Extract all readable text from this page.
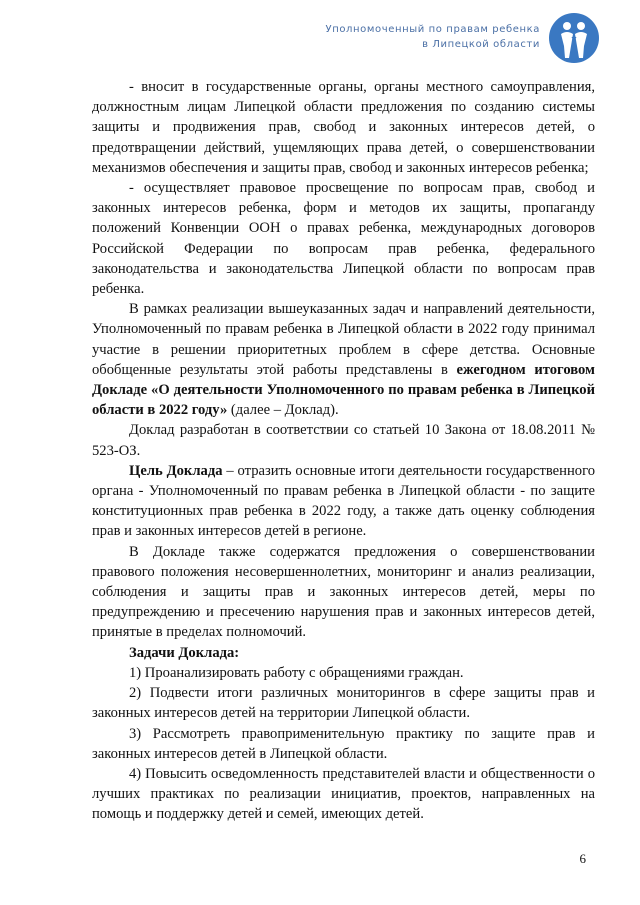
Уполномоченный по правам ребенка
в Липецкой области

- вносит в государственные органы, органы местного самоуправления, должностным лицам Липецкой области предложения по созданию системы защиты и продвижения прав, свобод и законных интересов детей, о предотвращении действий, ущемляющих права детей, о совершенствовании механизмов обеспечения и защиты прав, свобод и законных интересов ребенка;

- осуществляет правовое просвещение по вопросам прав, свобод и законных интересов ребенка, форм и методов их защиты, пропаганду положений Конвенции ООН о правах ребенка, международных договоров Российской Федерации по вопросам прав ребенка, федерального законодательства и законодательства Липецкой области по вопросам прав ребенка.

В рамках реализации вышеуказанных задач и направлений деятельности, Уполномоченный по правам ребенка в Липецкой области в 2022 году принимал участие в решении приоритетных проблем в сфере детства. Основные обобщенные результаты этой работы представлены в ежегодном итоговом Докладе «О деятельности Уполномоченного по правам ребенка в Липецкой области в 2022 году» (далее – Доклад).

Доклад разработан в соответствии со статьей 10 Закона от 18.08.2011 № 523-ОЗ.

Цель Доклада – отразить основные итоги деятельности государственного органа - Уполномоченный по правам ребенка в Липецкой области - по защите конституционных прав ребенка в 2022 году, а также дать оценку соблюдения прав и законных интересов детей в регионе.

В Докладе также содержатся предложения о совершенствовании правового положения несовершеннолетних, мониторинг и анализ реализации, соблюдения и защиты прав и законных интересов детей, меры по предупреждению и пресечению нарушения прав и законных интересов детей, принятые в пределах полномочий.

Задачи Доклада:

1) Проанализировать работу с обращениями граждан.

2) Подвести итоги различных мониторингов в сфере защиты прав и законных интересов детей на территории Липецкой области.

3) Рассмотреть правоприменительную практику по защите прав и законных интересов детей в Липецкой области.

4) Повысить осведомленность представителей власти и общественности о лучших практиках по реализации инициатив, проектов, направленных на помощь и поддержку детей и семей, имеющих детей.

6
